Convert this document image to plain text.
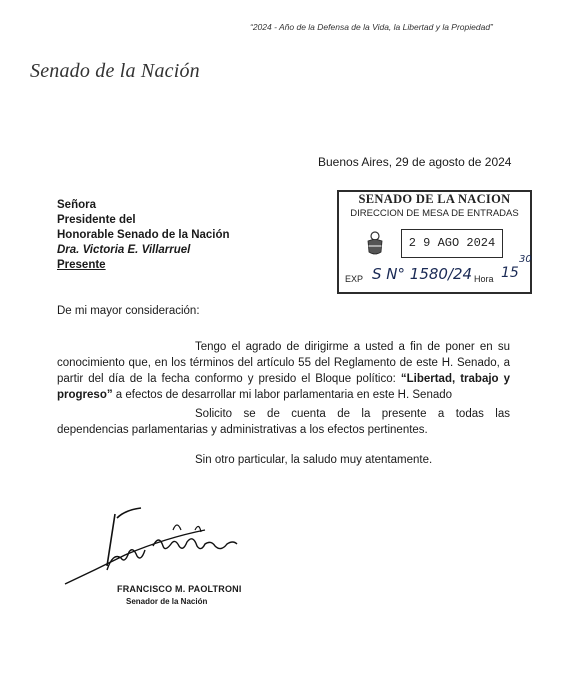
“2024 - Año de la Defensa de la Vida, la Libertad y la Propiedad”
Senado de la Nación
Buenos Aires, 29 de agosto de 2024
SENADO DE LA NACION
DIRECCION DE MESA DE ENTRADAS
2 9 AGO 2024
EXP S N° 1580/24 Hora 15
30
Señora
Presidente del
Honorable Senado de la Nación
Dra. Victoria E. Villarruel
Presente
De mi mayor consideración:
Tengo el agrado de dirigirme a usted a fin de poner en su conocimiento que, en los términos del artículo 55 del Reglamento de este H. Senado, a partir del día de la fecha conformo y presido el Bloque político: “Libertad, trabajo y progreso” a efectos de desarrollar mi labor parlamentaria en este H. Senado
Solicito se de cuenta de la presente a todas las dependencias parlamentarias y administrativas a los efectos pertinentes.
Sin otro particular, la saludo muy atentamente.
FRANCISCO M. PAOLTRONI
Senador de la Nación
